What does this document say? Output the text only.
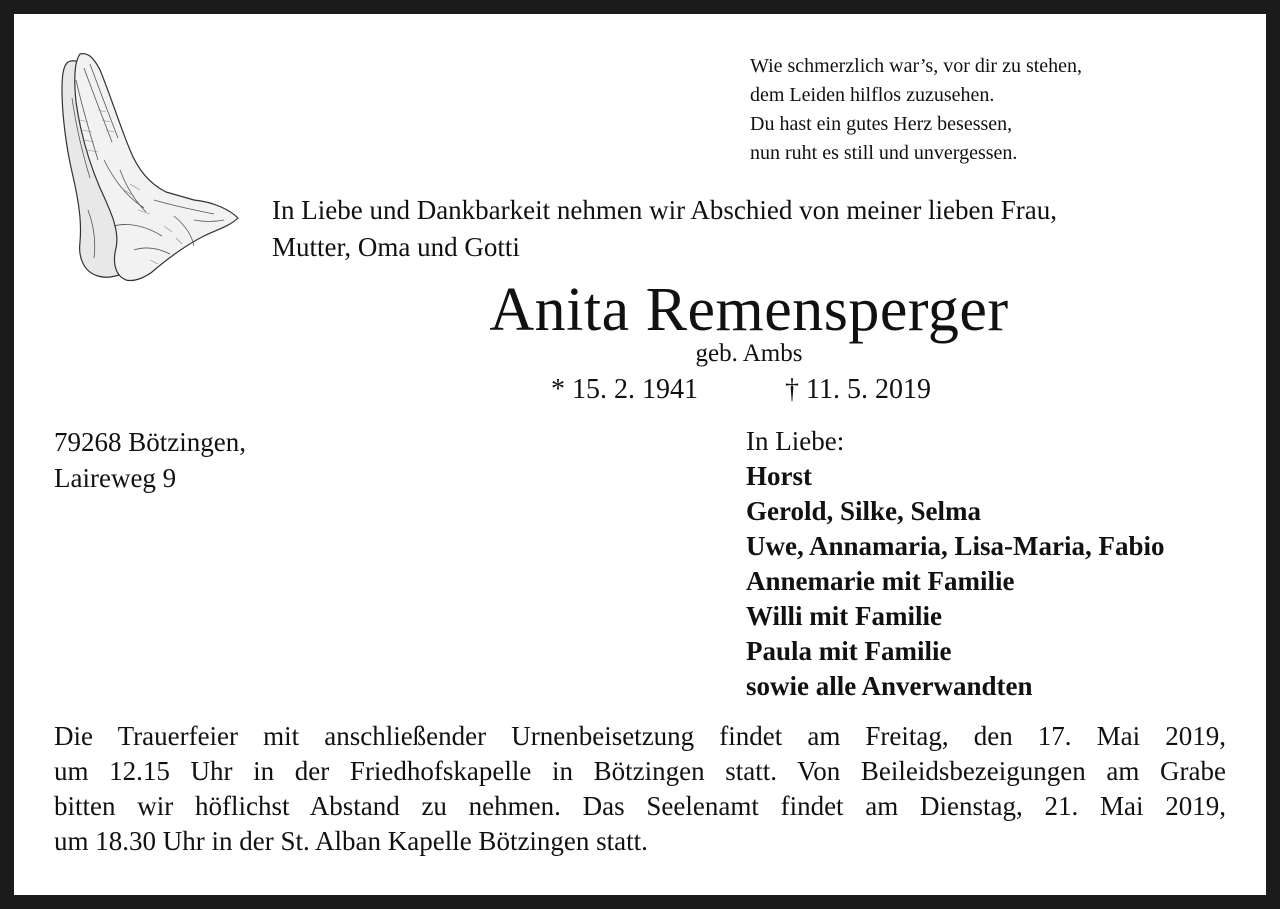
Wie schmerzlich war’s, vor dir zu stehen,
dem Leiden hilflos zuzusehen.
Du hast ein gutes Herz besessen,
nun ruht es still und unvergessen.
In Liebe und Dankbarkeit nehmen wir Abschied von meiner lieben Frau,
Mutter, Oma und Gotti
Anita Remensperger
geb. Ambs
* 15. 2. 1941	† 11. 5. 2019
79268 Bötzingen,
Laireweg 9
In Liebe:
Horst
Gerold, Silke, Selma
Uwe, Annamaria, Lisa-Maria, Fabio
Annemarie mit Familie
Willi mit Familie
Paula mit Familie
sowie alle Anverwandten
Die Trauerfeier mit anschließender Urnenbeisetzung findet am Freitag, den 17. Mai 2019,
um 12.15 Uhr in der Friedhofskapelle in Bötzingen statt. Von Beileidsbezeigungen am Grabe
bitten wir höflichst Abstand zu nehmen. Das Seelenamt findet am Dienstag, 21. Mai 2019,
um 18.30 Uhr in der St. Alban Kapelle Bötzingen statt.
